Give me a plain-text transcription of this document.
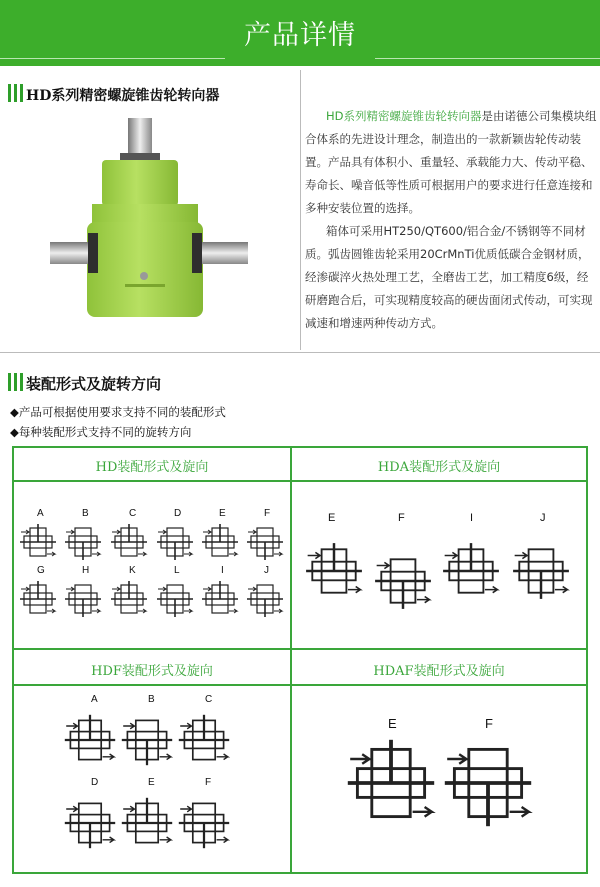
产品详情
HD系列精密螺旋锥齿轮转向器

HD系列精密螺旋锥齿轮转向器是由诺德公司集模块组合体系的先进设计理念，制造出的一款新颖齿轮传动装置。产品具有体积小、重量轻、承载能力大、传动平稳、寿命长、噪音低等性质可根据用户的要求进行任意连接和多种安装位置的选择。

箱体可采用HT250/QT600/铝合金/不锈钢等不同材质。弧齿圆锥齿轮采用20CrMnTi优质低碳合金钢材质，经渗碳淬火热处理工艺，全磨齿工艺，加工精度6级，经研磨跑合后，可实现精度较高的硬齿面闭式传动，可实现减速和增速两种传动方式。

装配形式及旋转方向
◆产品可根据使用要求支持不同的装配形式
◆每种装配形式支持不同的旋转方向
HD装配形式及旋向	HDA装配形式及旋向
HDF装配形式及旋向	HDAF装配形式及旋向
A	B	C	D	E	F
G	H	K	L	I	J
E	F	I	J
A	B	C
D	E	F
E	F
